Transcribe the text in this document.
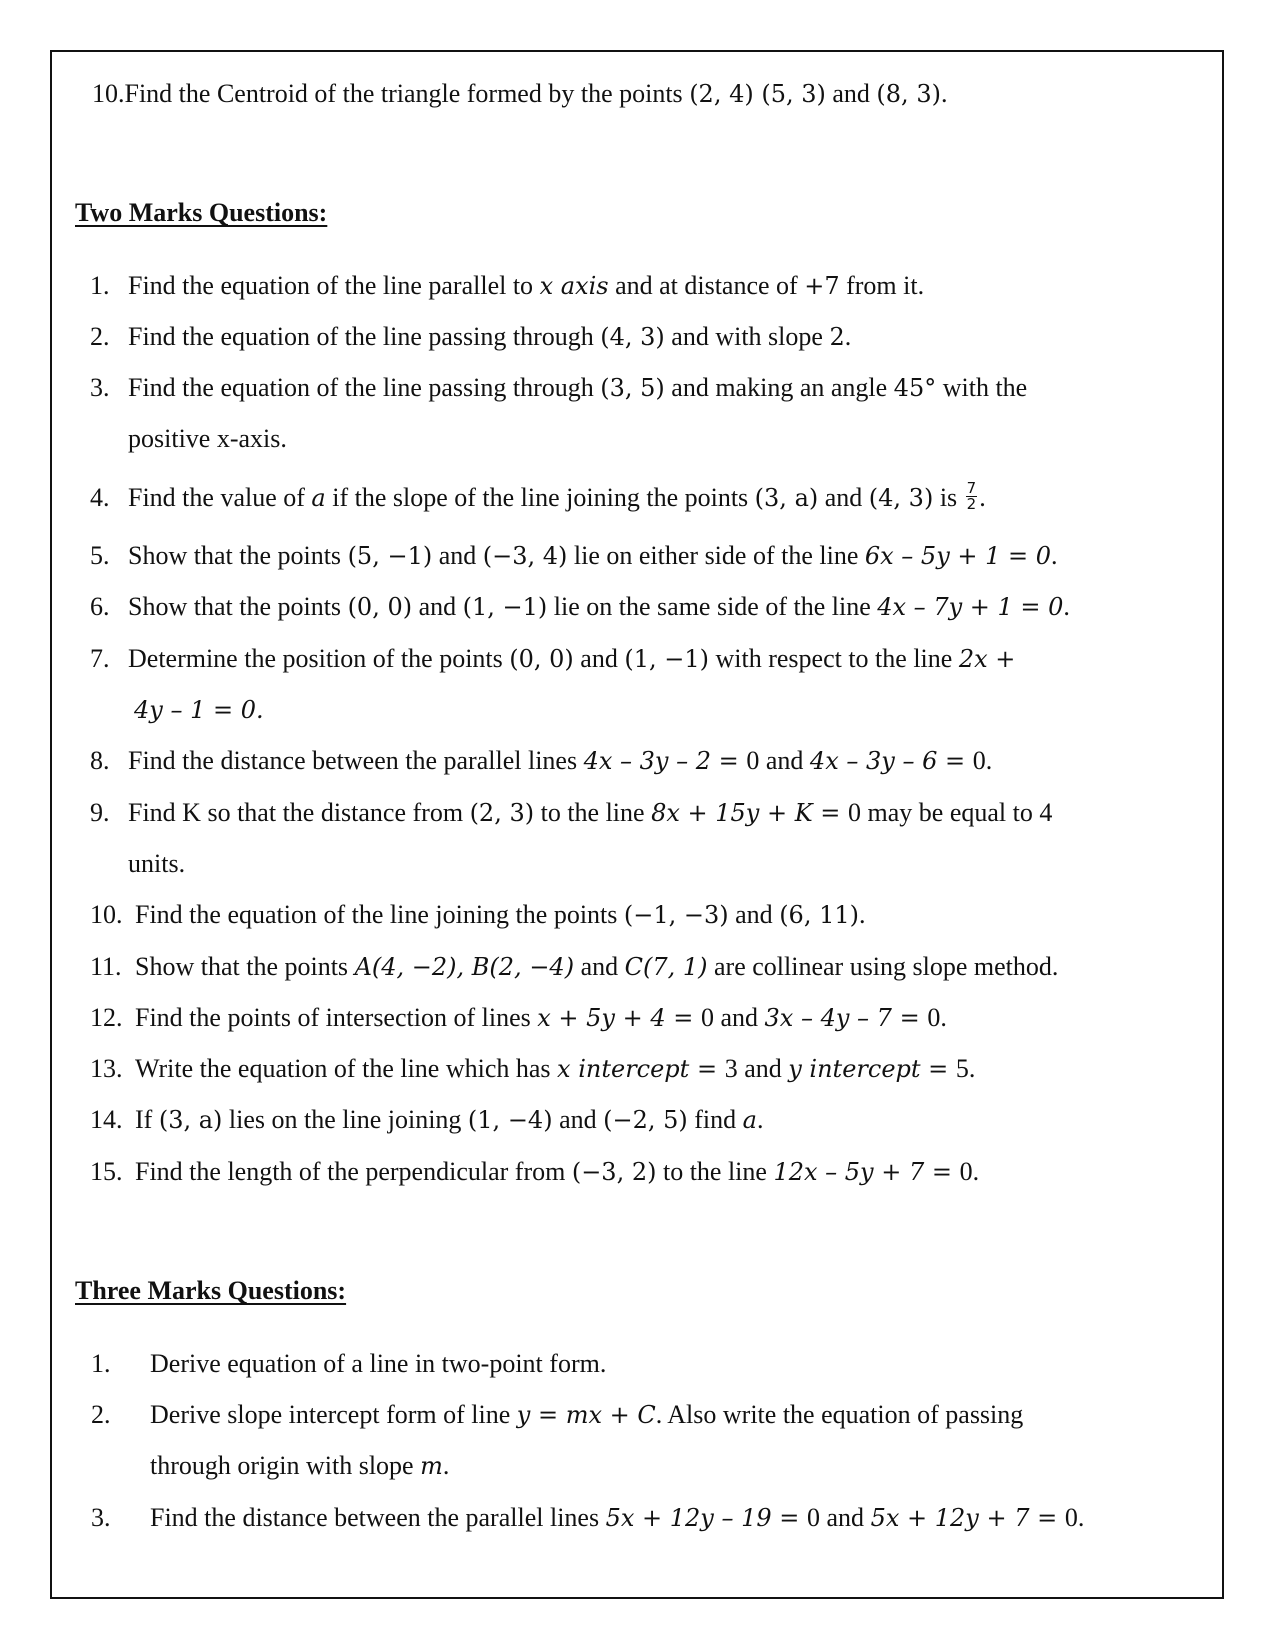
10.Find the Centroid of the triangle formed by the points (2, 4) (5, 3) and (8, 3).
Two Marks Questions:
1. Find the equation of the line parallel to x axis and at distance of +7 from it.
2. Find the equation of the line passing through (4, 3) and with slope 2.
3. Find the equation of the line passing through (3, 5) and making an angle 45° with the
positive x-axis.
4. Find the value of a if the slope of the line joining the points (3, a) and (4, 3) is $\frac{7}{2}$ .
5. Show that the points (5, −1) and (−3, 4) lie on either side of the line 6x – 5y + 1 = 0.
6. Show that the points (0, 0) and (1, −1) lie on the same side of the line 4x – 7y + 1 = 0.
7. Determine the position of the points (0, 0) and (1, −1) with respect to the line 2x +
4y – 1 = 0.
8. Find the distance between the parallel lines 4x – 3y – 2 = 0 and 4x – 3y – 6 = 0.
9. Find K so that the distance from (2, 3) to the line 8x + 15y + K = 0 may be equal to 4
units.
10. Find the equation of the line joining the points (−1, −3) and (6, 11).
11. Show that the points A(4, −2), B(2, −4) and C(7, 1) are collinear using slope method.
12. Find the points of intersection of lines x + 5y + 4 = 0 and 3x – 4y – 7 = 0.
13. Write the equation of the line which has x intercept = 3 and y intercept = 5.
14. If (3, a) lies on the line joining (1, −4) and (−2, 5) find a.
15. Find the length of the perpendicular from (−3, 2) to the line 12x – 5y + 7 = 0.
Three Marks Questions:
1. Derive equation of a line in two-point form.
2. Derive slope intercept form of line y = mx + C. Also write the equation of passing
through origin with slope m.
3. Find the distance between the parallel lines 5x + 12y – 19 = 0 and 5x + 12y + 7 = 0.
